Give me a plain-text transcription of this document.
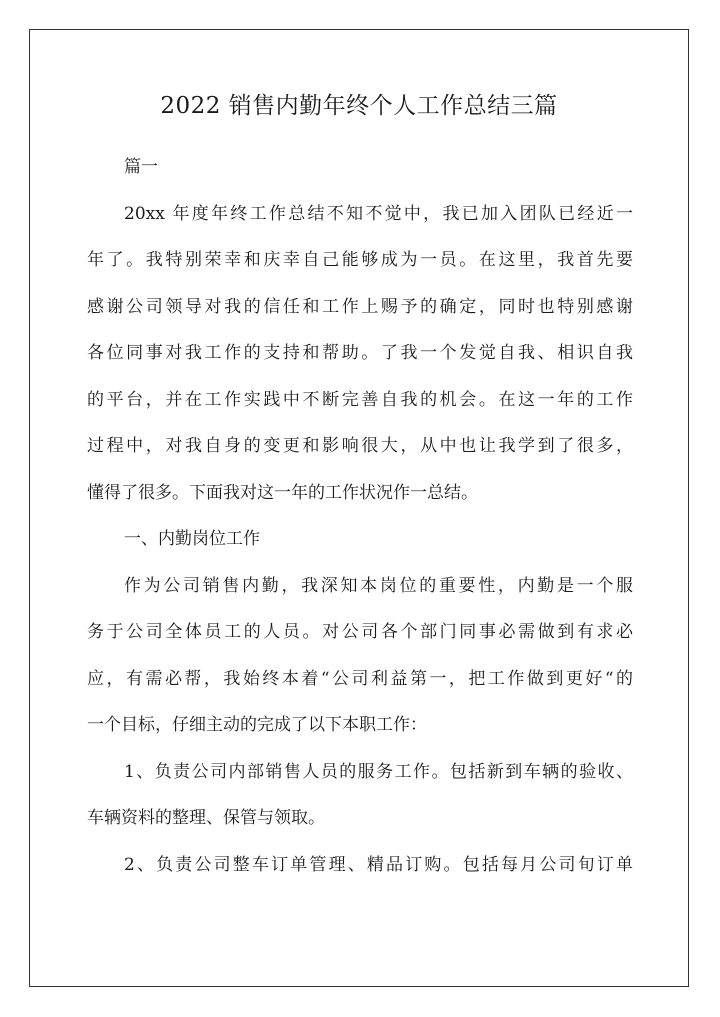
2022 销售内勤年终个人工作总结三篇
篇一
20xx 年度年终工作总结不知不觉中，我已加入团队已经近一
年了。我特别荣幸和庆幸自己能够成为一员。在这里，我首先要
感谢公司领导对我的信任和工作上赐予的确定，同时也特别感谢
各位同事对我工作的支持和帮助。了我一个发觉自我、相识自我
的平台，并在工作实践中不断完善自我的机会。在这一年的工作
过程中，对我自身的变更和影响很大，从中也让我学到了很多，
懂得了很多。下面我对这一年的工作状况作一总结。
一、内勤岗位工作
作为公司销售内勤，我深知本岗位的重要性，内勤是一个服
务于公司全体员工的人员。对公司各个部门同事必需做到有求必
应，有需必帮，我始终本着“公司利益第一，把工作做到更好“的
一个目标，仔细主动的完成了以下本职工作：
1、负责公司内部销售人员的服务工作。包括新到车辆的验收、
车辆资料的整理、保管与领取。
2、负责公司整车订单管理、精品订购。包括每月公司旬订单
